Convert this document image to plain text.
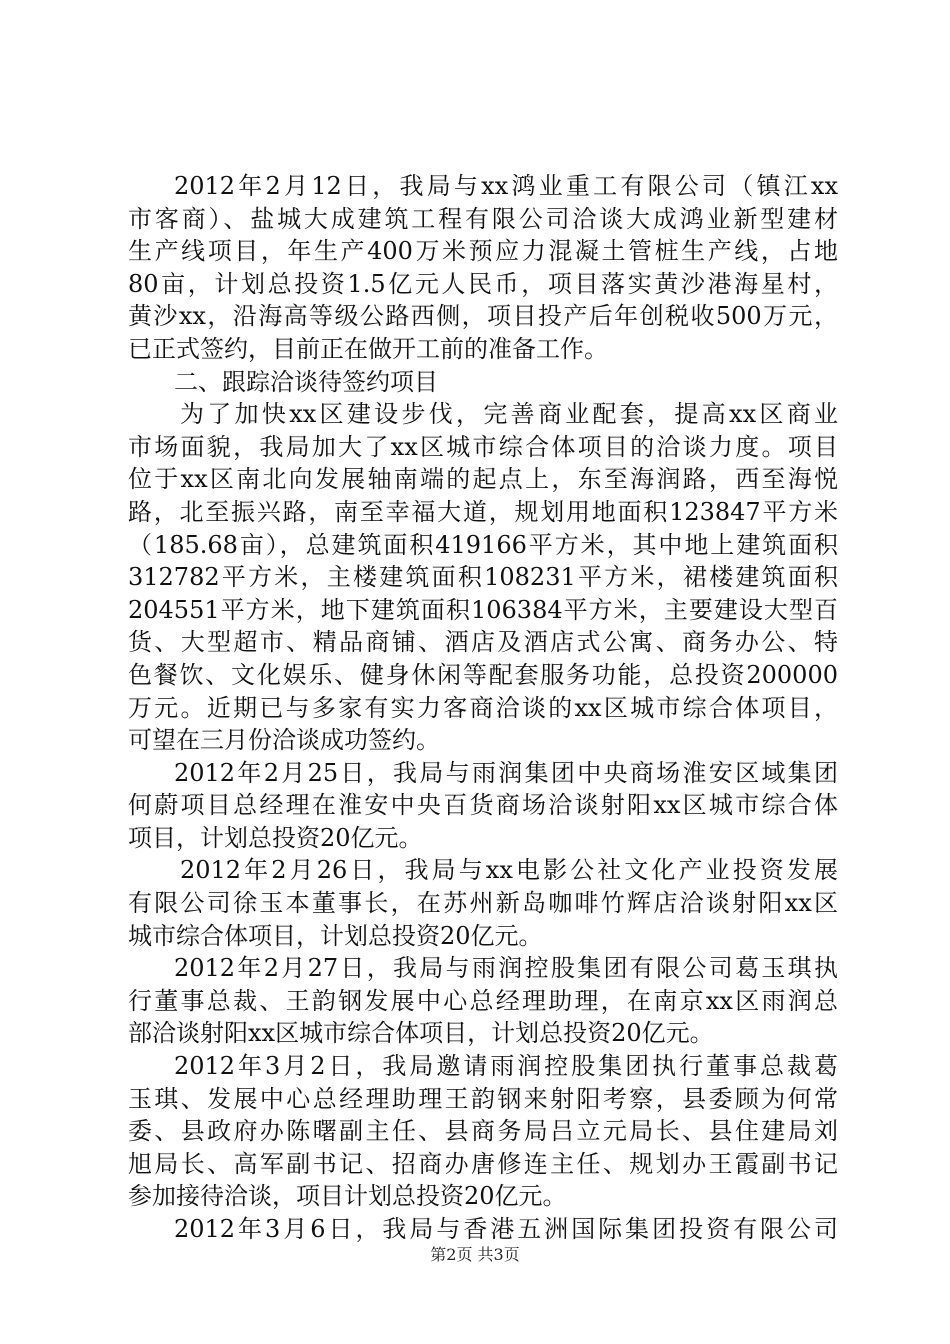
2012年2月12日，我局与xx鸿业重工有限公司（镇江xx
市客商）、盐城大成建筑工程有限公司洽谈大成鸿业新型建材
生产线项目，年生产400万米预应力混凝土管桩生产线，占地
80亩，计划总投资1.5亿元人民币，项目落实黄沙港海星村，
黄沙xx，沿海高等级公路西侧，项目投产后年创税收500万元，
已正式签约，目前正在做开工前的准备工作。
二、跟踪洽谈待签约项目
为了加快xx区建设步伐，完善商业配套，提高xx区商业
市场面貌，我局加大了xx区城市综合体项目的洽谈力度。项目
位于xx区南北向发展轴南端的起点上，东至海润路，西至海悦
路，北至振兴路，南至幸福大道，规划用地面积123847平方米
（185.68亩），总建筑面积419166平方米，其中地上建筑面积
312782平方米，主楼建筑面积108231平方米，裙楼建筑面积
204551平方米，地下建筑面积106384平方米，主要建设大型百
货、大型超市、精品商铺、酒店及酒店式公寓、商务办公、特
色餐饮、文化娱乐、健身休闲等配套服务功能，总投资200000
万元。近期已与多家有实力客商洽谈的xx区城市综合体项目，
可望在三月份洽谈成功签约。
2012年2月25日，我局与雨润集团中央商场淮安区域集团
何蔚项目总经理在淮安中央百货商场洽谈射阳xx区城市综合体
项目，计划总投资20亿元。
2012年2月26日，我局与xx电影公社文化产业投资发展
有限公司徐玉本董事长，在苏州新岛咖啡竹辉店洽谈射阳xx区
城市综合体项目，计划总投资20亿元。
2012年2月27日，我局与雨润控股集团有限公司葛玉琪执
行董事总裁、王韵钢发展中心总经理助理，在南京xx区雨润总
部洽谈射阳xx区城市综合体项目，计划总投资20亿元。
2012年3月2日，我局邀请雨润控股集团执行董事总裁葛
玉琪、发展中心总经理助理王韵钢来射阳考察，县委顾为何常
委、县政府办陈曙副主任、县商务局吕立元局长、县住建局刘
旭局长、高军副书记、招商办唐修连主任、规划办王霞副书记
参加接待洽谈，项目计划总投资20亿元。
2012年3月6日，我局与香港五洲国际集团投资有限公司
第2页 共3页
